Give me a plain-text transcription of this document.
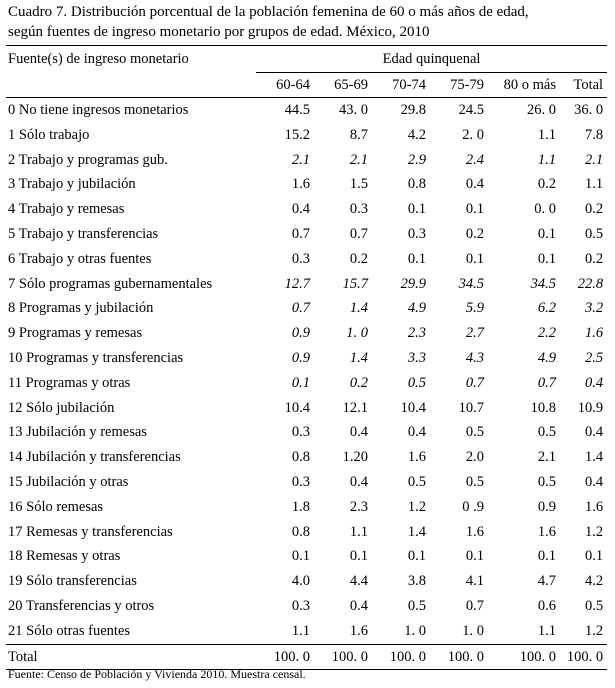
Cuadro 7. Distribución porcentual de la población femenina de 60 o más años de edad,
según fuentes de ingreso monetario por grupos de edad. México, 2010
Fuente(s) de ingreso monetario	Edad quinquenal					
	60-64	65-69	70-74	75-79	80 o más	Total
0 No tiene ingresos monetarios	44.5	43. 0	29.8	24.5	26. 0	36. 0
1 Sólo trabajo	15.2	8.7	4.2	2. 0	1.1	7.8
2 Trabajo y programas gub.	2.1	2.1	2.9	2.4	1.1	2.1
3 Trabajo y jubilación	1.6	1.5	0.8	0.4	0.2	1.1
4 Trabajo y remesas	0.4	0.3	0.1	0.1	0. 0	0.2
5 Trabajo y transferencias	0.7	0.7	0.3	0.2	0.1	0.5
6 Trabajo y otras fuentes	0.3	0.2	0.1	0.1	0.1	0.2
7 Sólo programas gubernamentales	12.7	15.7	29.9	34.5	34.5	22.8
8 Programas y jubilación	0.7	1.4	4.9	5.9	6.2	3.2
9 Programas y remesas	0.9	1. 0	2.3	2.7	2.2	1.6
10 Programas y transferencias	0.9	1.4	3.3	4.3	4.9	2.5
11 Programas y otras	0.1	0.2	0.5	0.7	0.7	0.4
12 Sólo jubilación	10.4	12.1	10.4	10.7	10.8	10.9
13 Jubilación y remesas	0.3	0.4	0.4	0.5	0.5	0.4
14 Jubilación y transferencias	0.8	1.20	1.6	2.0	2.1	1.4
15 Jubilación y otras	0.3	0.4	0.5	0.5	0.5	0.4
16 Sólo remesas	1.8	2.3	1.2	0 .9	0.9	1.6
17 Remesas y transferencias	0.8	1.1	1.4	1.6	1.6	1.2
18 Remesas y otras	0.1	0.1	0.1	0.1	0.1	0.1
19 Sólo transferencias	4.0	4.4	3.8	4.1	4.7	4.2
20 Transferencias y otros	0.3	0.4	0.5	0.7	0.6	0.5
21 Sólo otras fuentes	1.1	1.6	1. 0	1. 0	1.1	1.2
Total	100. 0	100. 0	100. 0	100. 0	100. 0	100. 0
Fuente: Censo de Población y Vivienda 2010. Muestra censal.
